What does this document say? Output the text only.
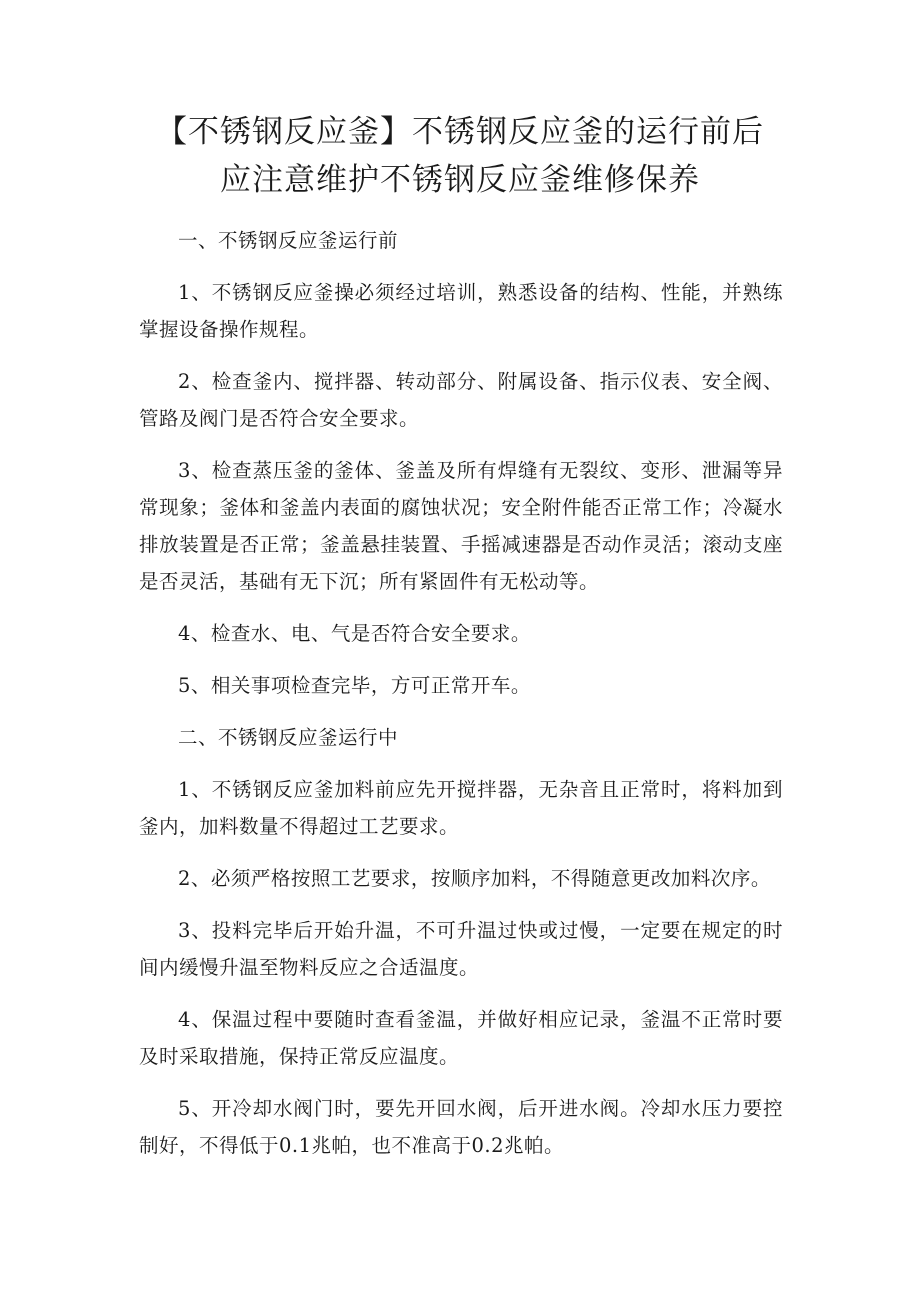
【不锈钢反应釜】不锈钢反应釜的运行前后
应注意维护不锈钢反应釜维修保养

一、不锈钢反应釜运行前

1、不锈钢反应釜操必须经过培训，熟悉设备的结构、性能，并熟练掌握设备操作规程。

2、检查釜内、搅拌器、转动部分、附属设备、指示仪表、安全阀、管路及阀门是否符合安全要求。

3、检查蒸压釜的釜体、釜盖及所有焊缝有无裂纹、变形、泄漏等异常现象；釜体和釜盖内表面的腐蚀状况；安全附件能否正常工作；冷凝水排放装置是否正常；釜盖悬挂装置、手摇减速器是否动作灵活；滚动支座是否灵活，基础有无下沉；所有紧固件有无松动等。

4、检查水、电、气是否符合安全要求。

5、相关事项检查完毕，方可正常开车。

二、不锈钢反应釜运行中

1、不锈钢反应釜加料前应先开搅拌器，无杂音且正常时，将料加到釜内，加料数量不得超过工艺要求。

2、必须严格按照工艺要求，按顺序加料，不得随意更改加料次序。

3、投料完毕后开始升温，不可升温过快或过慢，一定要在规定的时间内缓慢升温至物料反应之合适温度。

4、保温过程中要随时查看釜温，并做好相应记录，釜温不正常时要及时采取措施，保持正常反应温度。

5、开冷却水阀门时，要先开回水阀，后开进水阀。冷却水压力要控制好，不得低于0.1兆帕，也不准高于0.2兆帕。
